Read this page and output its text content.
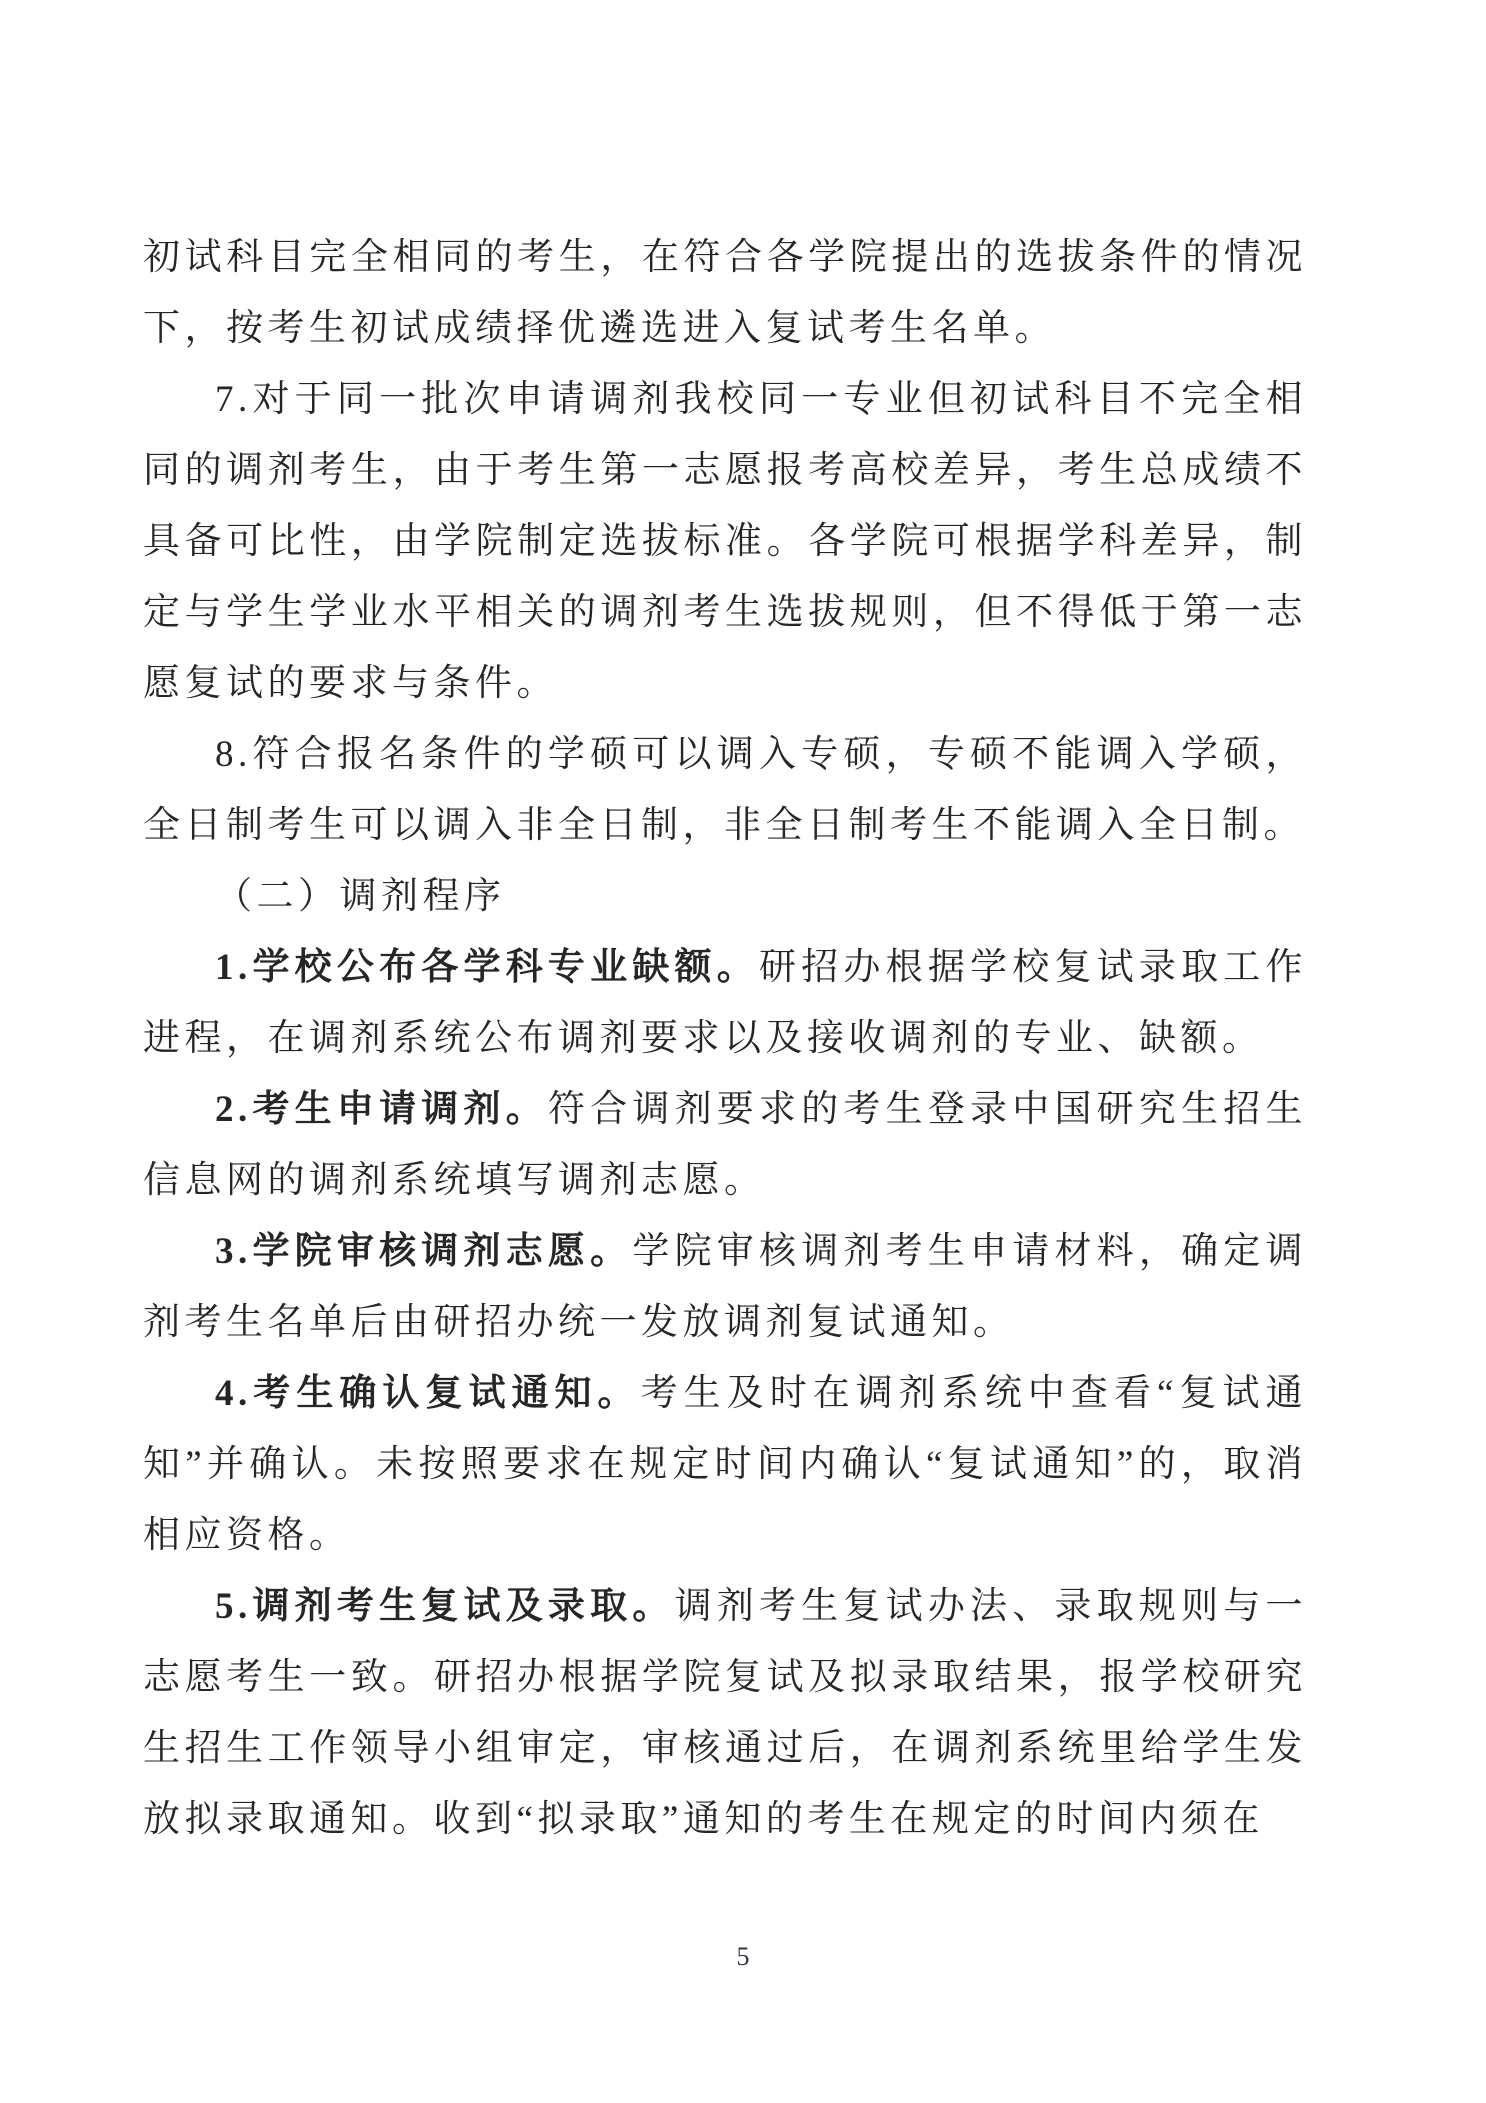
初试科目完全相同的考生，在符合各学院提出的选拔条件的情况下，按考生初试成绩择优遴选进入复试考生名单。

7.对于同一批次申请调剂我校同一专业但初试科目不完全相同的调剂考生，由于考生第一志愿报考高校差异，考生总成绩不具备可比性，由学院制定选拔标准。各学院可根据学科差异，制定与学生学业水平相关的调剂考生选拔规则，但不得低于第一志愿复试的要求与条件。

8.符合报名条件的学硕可以调入专硕，专硕不能调入学硕，全日制考生可以调入非全日制，非全日制考生不能调入全日制。

（二）调剂程序

1.学校公布各学科专业缺额。研招办根据学校复试录取工作进程，在调剂系统公布调剂要求以及接收调剂的专业、缺额。

2.考生申请调剂。符合调剂要求的考生登录中国研究生招生信息网的调剂系统填写调剂志愿。

3.学院审核调剂志愿。学院审核调剂考生申请材料，确定调剂考生名单后由研招办统一发放调剂复试通知。

4.考生确认复试通知。考生及时在调剂系统中查看“复试通知”并确认。未按照要求在规定时间内确认“复试通知”的，取消相应资格。

5.调剂考生复试及录取。调剂考生复试办法、录取规则与一志愿考生一致。研招办根据学院复试及拟录取结果，报学校研究生招生工作领导小组审定，审核通过后，在调剂系统里给学生发放拟录取通知。收到“拟录取”通知的考生在规定的时间内须在

5
